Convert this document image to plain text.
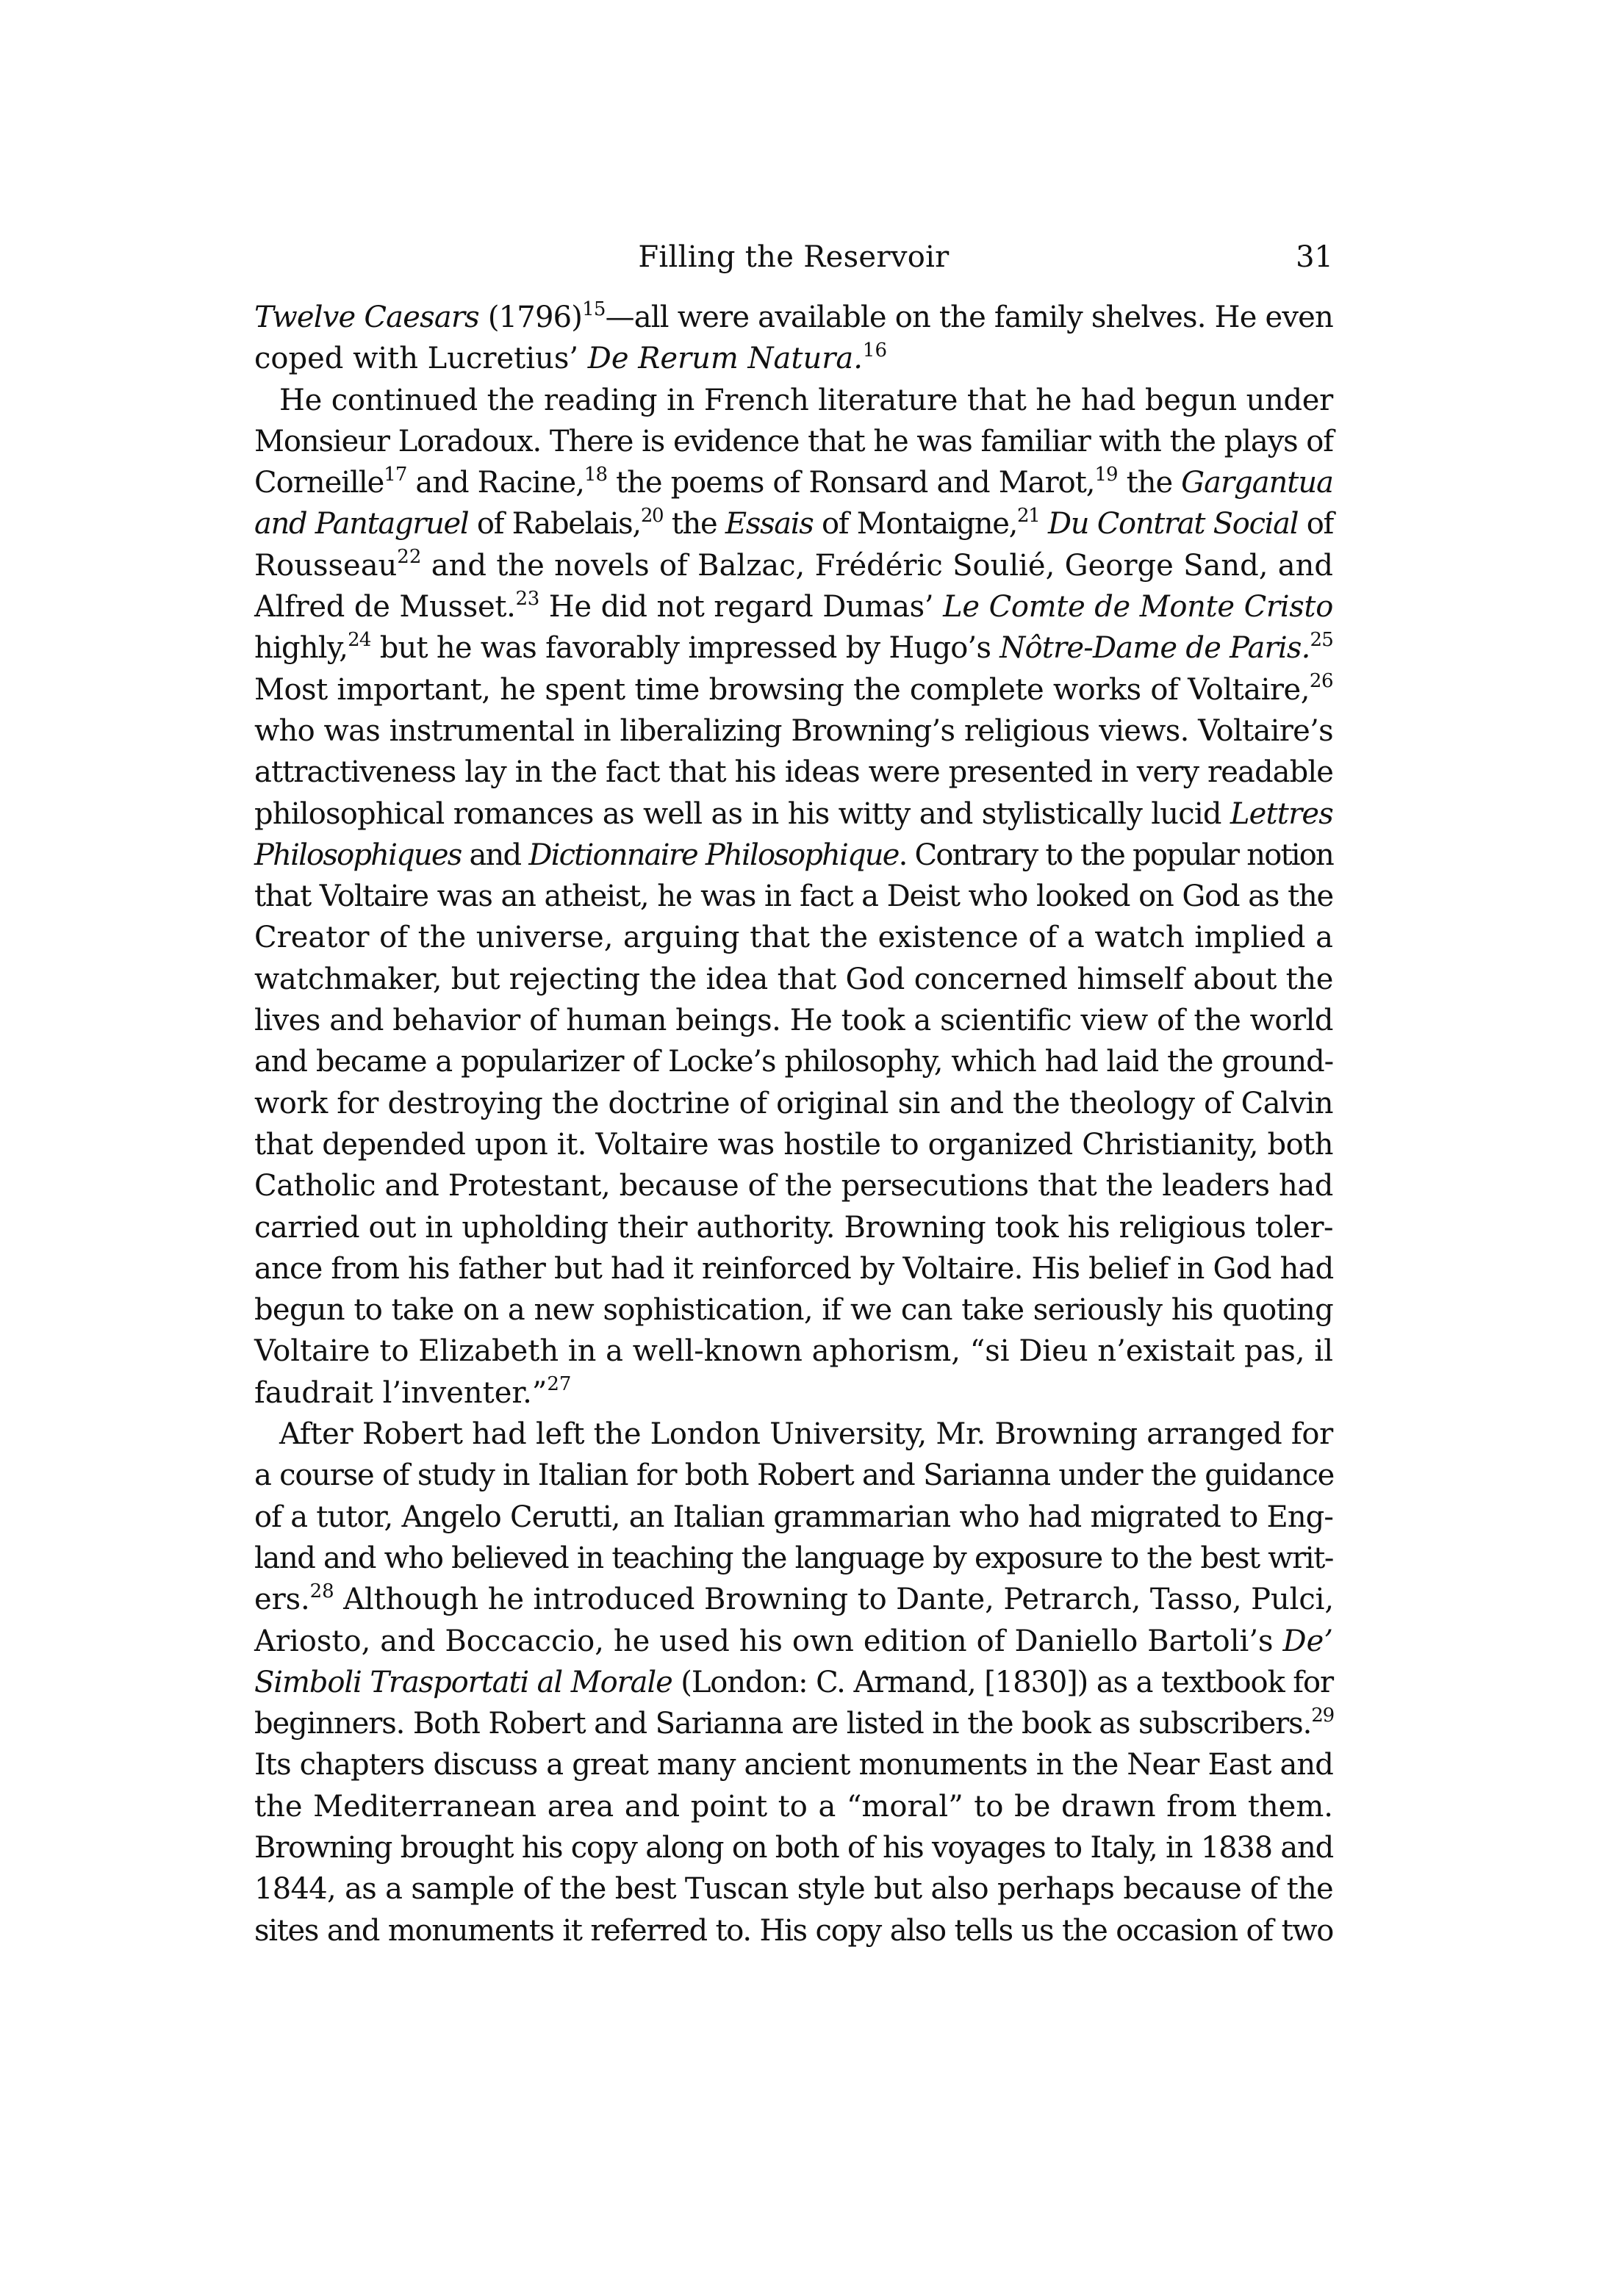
Filling the Reservoir	31
Twelve Caesars $(1796)^{15}—all$ were available on the family shelves. He even
coped with Lucretius’ De Rerum Natura.$^{16}$
He continued the reading in French literature that he had begun under
Monsieur Loradoux. There is evidence that he was familiar with the plays of
Corneille$^{17}$ and Racine,$^{18}$ the poems of Ronsard and Marot,$^{19}$ the Gargantua
and Pantagruel of Rabelais,$^{20}$ the Essais of Montaigne,$^{21}$ Du Contrat Social of
Rousseau$^{22}$ and the novels of Balzac, Frédéric Soulié, George Sand, and
Alfred de Musset.$^{23}$ He did not regard Dumas’ Le Comte de Monte Cristo
highly,$^{24}$ but he was favorably impressed by Hugo’s Nôtre-Dame de Paris.$^{25}$
Most important, he spent time browsing the complete works of Voltaire,$^{26}$
who was instrumental in liberalizing Browning’s religious views. Voltaire’s
attractiveness lay in the fact that his ideas were presented in very readable
philosophical romances as well as in his witty and stylistically lucid Lettres
Philosophiques and Dictionnaire Philosophique. Contrary to the popular notion
that Voltaire was an atheist, he was in fact a Deist who looked on God as the
Creator of the universe, arguing that the existence of a watch implied a
watchmaker, but rejecting the idea that God concerned himself about the
lives and behavior of human beings. He took a scientific view of the world
and became a popularizer of Locke’s philosophy, which had laid the ground-
work for destroying the doctrine of original sin and the theology of Calvin
that depended upon it. Voltaire was hostile to organized Christianity, both
Catholic and Protestant, because of the persecutions that the leaders had
carried out in upholding their authority. Browning took his religious toler-
ance from his father but had it reinforced by Voltaire. His belief in God had
begun to take on a new sophistication, if we can take seriously his quoting
Voltaire to Elizabeth in a well-known aphorism, “si Dieu n’existait pas, il
faudrait l’inventer.”$^{27}$
After Robert had left the London University, Mr. Browning arranged for
a course of study in Italian for both Robert and Sarianna under the guidance
of a tutor, Angelo Cerutti, an Italian grammarian who had migrated to Eng-
land and who believed in teaching the language by exposure to the best writ-
ers.$^{28}$ Although he introduced Browning to Dante, Petrarch, Tasso, Pulci,
Ariosto, and Boccaccio, he used his own edition of Daniello Bartoli’s De’
Simboli Trasportati al Morale (London: C. Armand, [1830]) as a textbook for
beginners. Both Robert and Sarianna are listed in the book as subscribers.$^{29}$
Its chapters discuss a great many ancient monuments in the Near East and
the Mediterranean area and point to a “moral” to be drawn from them.
Browning brought his copy along on both of his voyages to Italy, in 1838 and
1844, as a sample of the best Tuscan style but also perhaps because of the
sites and monuments it referred to. His copy also tells us the occasion of two
